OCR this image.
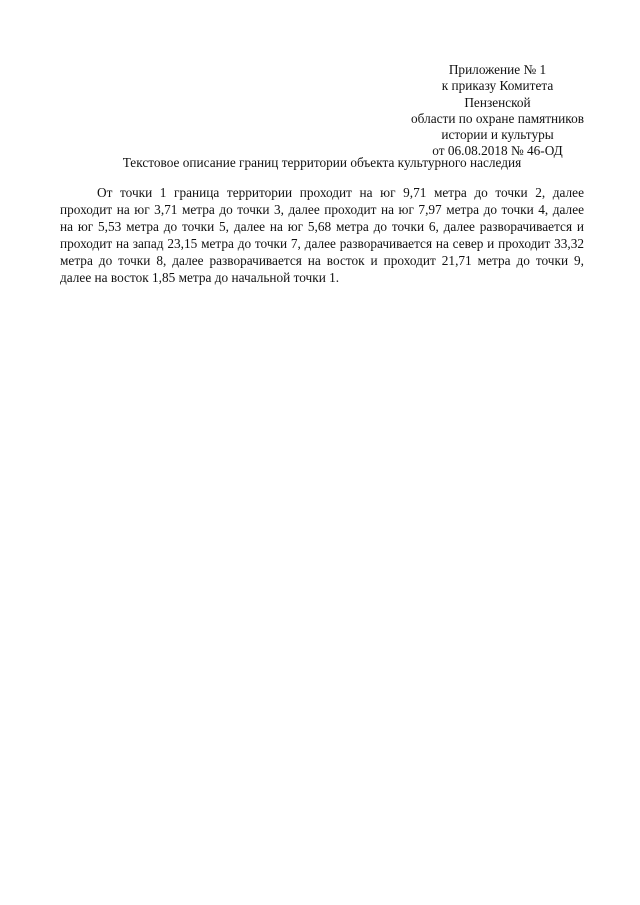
Приложение № 1
к приказу Комитета Пензенской
области по охране памятников
истории и культуры
от 06.08.2018 № 46-ОД
Текстовое описание границ территории объекта культурного наследия
От точки 1 граница территории проходит на юг 9,71 метра до точки 2, далее
проходит на юг 3,71 метра до точки 3, далее проходит на юг 7,97 метра до точки 4, далее
на юг 5,53 метра до точки 5, далее на юг 5,68 метра до точки 6, далее разворачивается и
проходит на запад 23,15 метра до точки 7, далее разворачивается на север и проходит 33,32
метра до точки 8, далее разворачивается на восток и проходит 21,71 метра до точки 9,
далее на восток 1,85 метра до начальной точки 1.
